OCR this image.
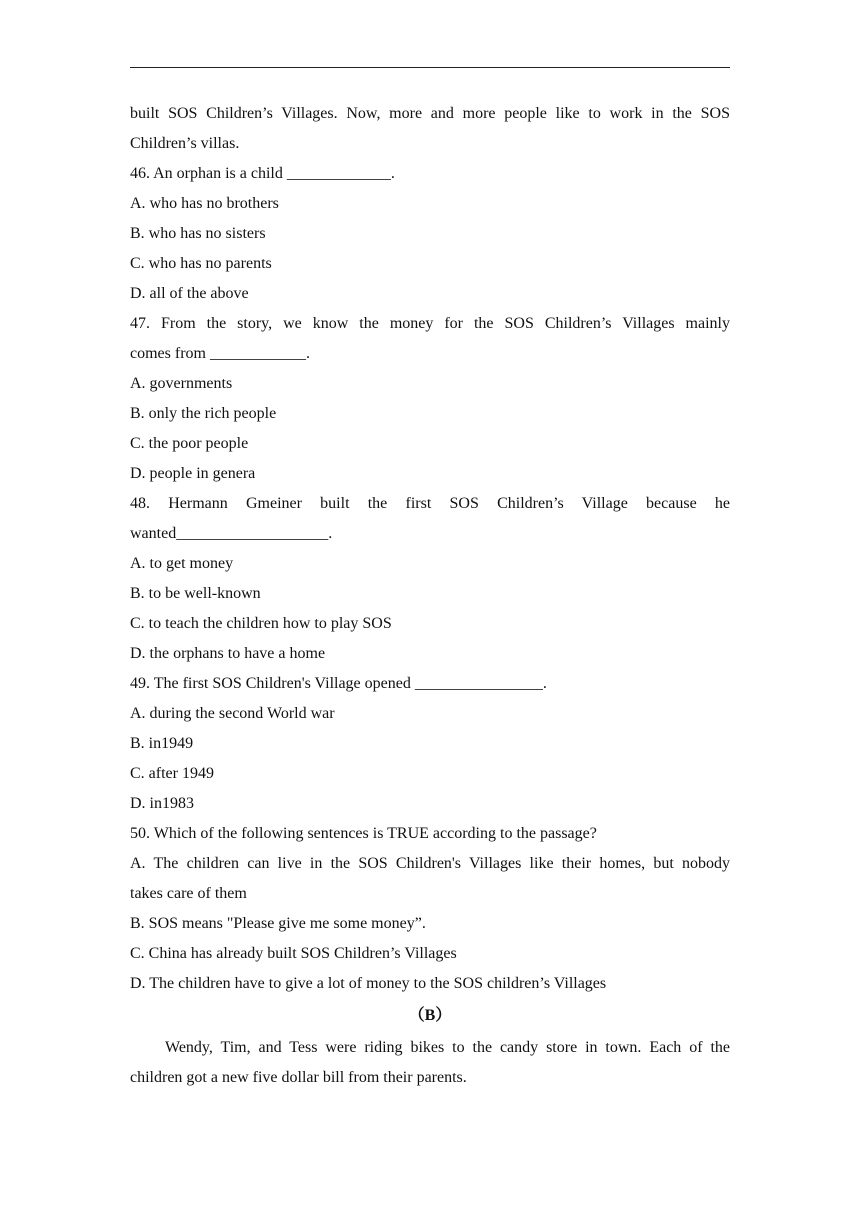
built SOS Children’s Villages. Now, more and more people like to work in the SOS
Children’s villas.
46. An orphan is a child _____________.
A. who has no brothers
B. who has no sisters
C. who has no parents
D. all of the above
47. From the story, we know the money for the SOS Children’s Villages mainly
comes from ____________.
A. governments
B. only the rich people
C. the poor people
D. people in genera
48. Hermann Gmeiner built the first SOS Children’s Village because he
wanted___________________.
A. to get money
B. to be well-known
C. to teach the children how to play SOS
D. the orphans to have a home
49. The first SOS Children's Village opened ________________.
A. during the second World war
B. in1949
C. after 1949
D. in1983
50. Which of the following sentences is TRUE according to the passage?
A. The children can live in the SOS Children's Villages like their homes, but nobody
takes care of them
B. SOS means "Please give me some money”.
C. China has already built SOS Children’s Villages
D. The children have to give a lot of money to the SOS children’s Villages
（B）
Wendy, Tim, and Tess were riding bikes to the candy store in town. Each of the
children got a new five dollar bill from their parents.
